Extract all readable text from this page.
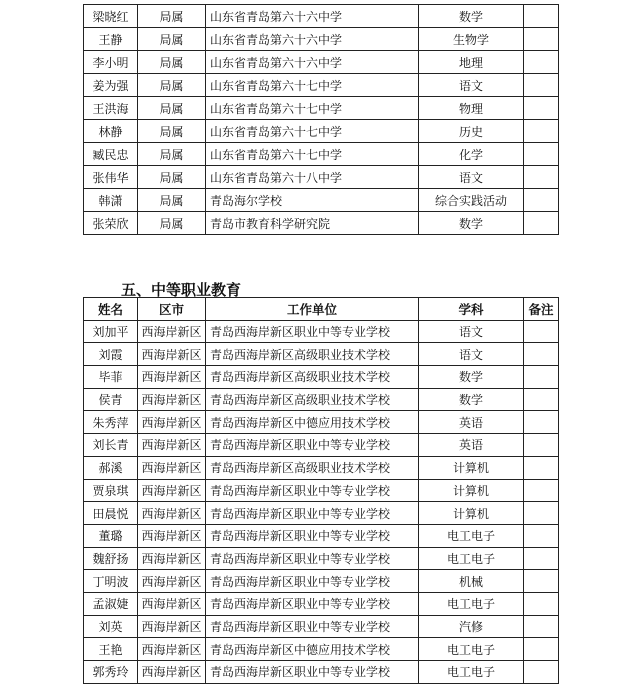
梁晓红	局属	山东省青岛第六十六中学	数学	
王静	局属	山东省青岛第六十六中学	生物学	
李小明	局属	山东省青岛第六十六中学	地理	
姜为强	局属	山东省青岛第六十七中学	语文	
王洪海	局属	山东省青岛第六十七中学	物理	
林静	局属	山东省青岛第六十七中学	历史	
臧民忠	局属	山东省青岛第六十七中学	化学	
张伟华	局属	山东省青岛第六十八中学	语文	
韩潇	局属	青岛海尔学校	综合实践活动	
张荣欣	局属	青岛市教育科学研究院	数学	
五、中等职业教育
姓名	区市	工作单位	学科	备注
刘加平	西海岸新区	青岛西海岸新区职业中等专业学校	语文	
刘霞	西海岸新区	青岛西海岸新区高级职业技术学校	语文	
毕菲	西海岸新区	青岛西海岸新区高级职业技术学校	数学	
侯青	西海岸新区	青岛西海岸新区高级职业技术学校	数学	
朱秀萍	西海岸新区	青岛西海岸新区中德应用技术学校	英语	
刘长青	西海岸新区	青岛西海岸新区职业中等专业学校	英语	
郝溪	西海岸新区	青岛西海岸新区高级职业技术学校	计算机	
贾泉琪	西海岸新区	青岛西海岸新区职业中等专业学校	计算机	
田晨悦	西海岸新区	青岛西海岸新区职业中等专业学校	计算机	
董璐	西海岸新区	青岛西海岸新区职业中等专业学校	电工电子	
魏舒扬	西海岸新区	青岛西海岸新区职业中等专业学校	电工电子	
丁明波	西海岸新区	青岛西海岸新区职业中等专业学校	机械	
孟淑婕	西海岸新区	青岛西海岸新区职业中等专业学校	电工电子	
刘英	西海岸新区	青岛西海岸新区职业中等专业学校	汽修	
王艳	西海岸新区	青岛西海岸新区中德应用技术学校	电工电子	
郭秀玲	西海岸新区	青岛西海岸新区职业中等专业学校	电工电子	
